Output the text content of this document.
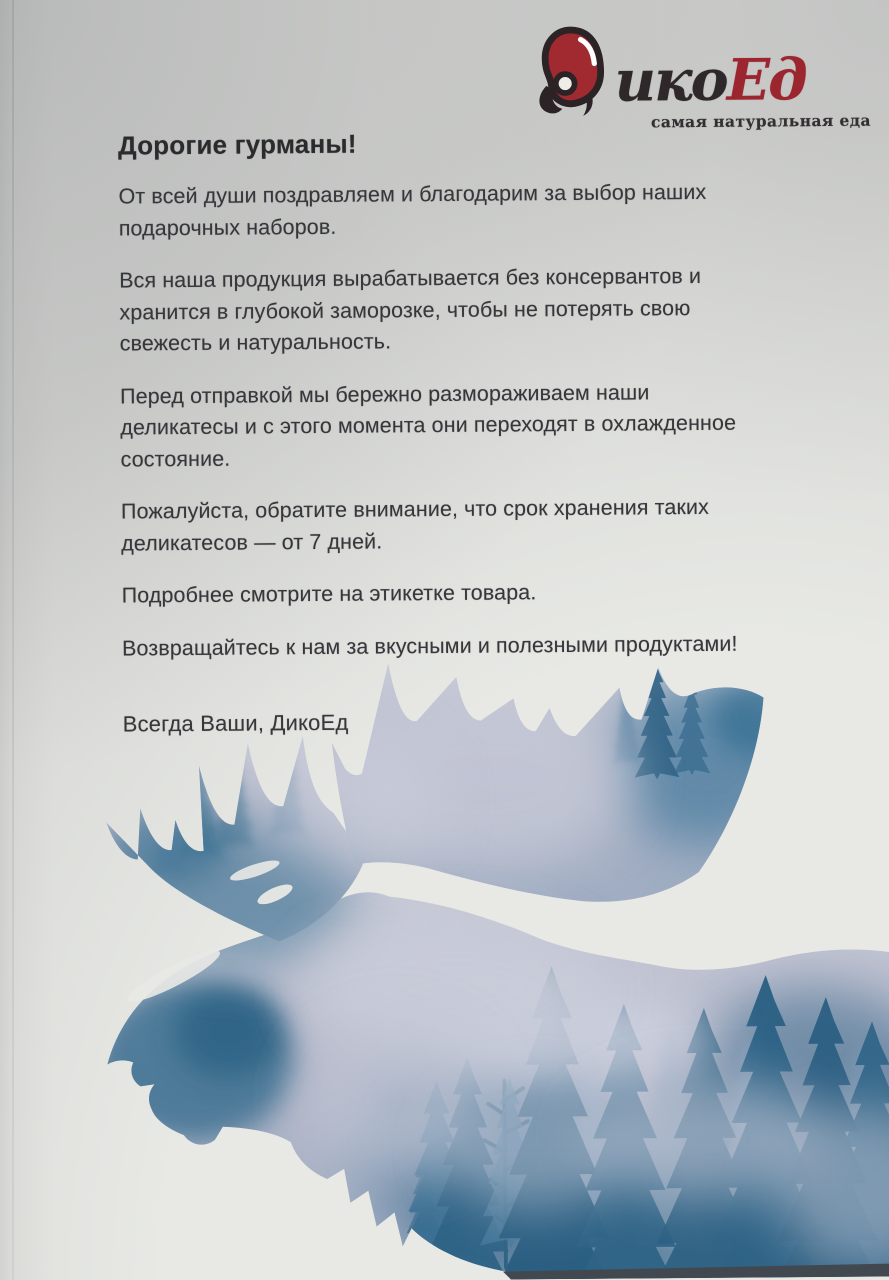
икоЕд
самая натуральная еда
Дорогие гурманы!
От всей души поздравляем и благодарим за выбор наших
подарочных наборов.
Вся наша продукция вырабатывается без консервантов и
хранится в глубокой заморозке, чтобы не потерять свою
свежесть и натуральность.
Перед отправкой мы бережно размораживаем наши
деликатесы и с этого момента они переходят в охлажденное
состояние.
Пожалуйста, обратите внимание, что срок хранения таких
деликатесов — от 7 дней.
Подробнее смотрите на этикетке товара.
Возвращайтесь к нам за вкусными и полезными продуктами!
Всегда Ваши, ДикоЕд
